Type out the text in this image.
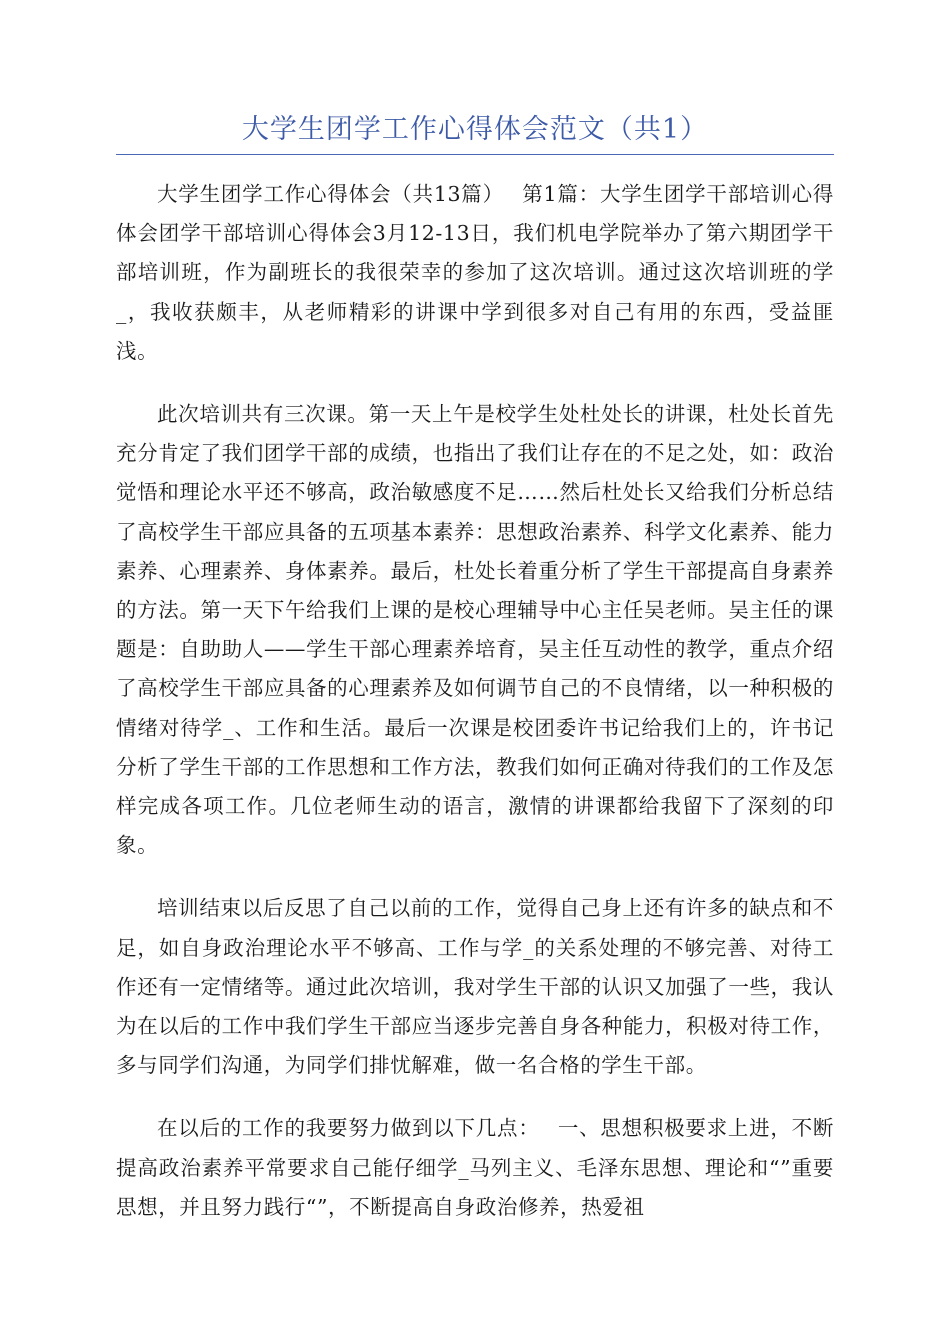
大学生团学工作心得体会范文（共1）

大学生团学工作心得体会（共13篇）　 第1篇：大学生团学干部培训心得体会团学干部培训心得体会3月12-13日，我们机电学院举办了第六期团学干部培训班，作为副班长的我很荣幸的参加了这次培训。通过这次培训班的学_，我收获颇丰，从老师精彩的讲课中学到很多对自己有用的东西，受益匪浅。

此次培训共有三次课。第一天上午是校学生处杜处长的讲课，杜处长首先充分肯定了我们团学干部的成绩，也指出了我们让存在的不足之处，如：政治觉悟和理论水平还不够高，政治敏感度不足……然后杜处长又给我们分析总结了高校学生干部应具备的五项基本素养：思想政治素养、科学文化素养、能力素养、心理素养、身体素养。最后，杜处长着重分析了学生干部提高自身素养的方法。第一天下午给我们上课的是校心理辅导中心主任吴老师。吴主任的课题是：自助助人——学生干部心理素养培育，吴主任互动性的教学，重点介绍了高校学生干部应具备的心理素养及如何调节自己的不良情绪，以一种积极的情绪对待学_、工作和生活。最后一次课是校团委许书记给我们上的，许书记分析了学生干部的工作思想和工作方法，教我们如何正确对待我们的工作及怎样完成各项工作。几位老师生动的语言，激情的讲课都给我留下了深刻的印象。

培训结束以后反思了自己以前的工作，觉得自己身上还有许多的缺点和不足，如自身政治理论水平不够高、工作与学_的关系处理的不够完善、对待工作还有一定情绪等。通过此次培训，我对学生干部的认识又加强了一些，我认为在以后的工作中我们学生干部应当逐步完善自身各种能力，积极对待工作，多与同学们沟通，为同学们排忧解难，做一名合格的学生干部。

在以后的工作的我要努力做到以下几点：　 一、思想积极要求上进，不断提高政治素养平常要求自己能仔细学_马列主义、毛泽东思想、理论和“”重要思想，并且努力践行“”，不断提高自身政治修养，热爱祖
